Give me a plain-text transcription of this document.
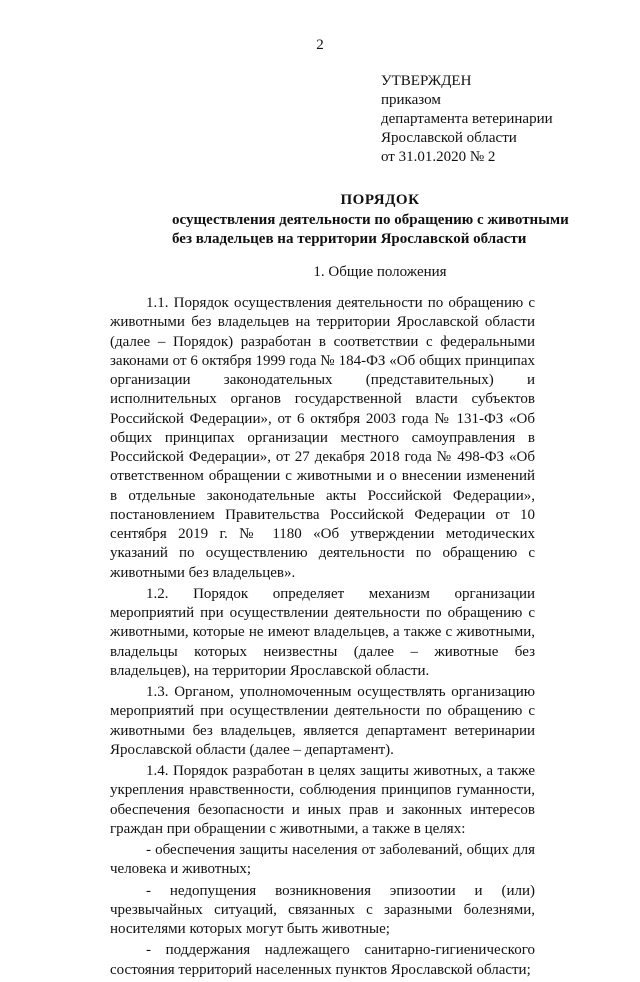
2
УТВЕРЖДЕН
приказом
департамента ветеринарии
Ярославской области
от 31.01.2020 № 2
ПОРЯДОК
осуществления деятельности по обращению с животными
без владельцев на территории Ярославской области
1. Общие положения

1.1. Порядок осуществления деятельности по обращению с животными без владельцев на территории Ярославской области (далее – Порядок) разработан в соответствии с федеральными законами от 6 октября 1999 года № 184-ФЗ «Об общих принципах организации законодательных (представительных) и исполнительных органов государственной власти субъектов Российской Федерации», от 6 октября 2003 года № 131-ФЗ «Об общих принципах организации местного самоуправления в Российской Федерации», от 27 декабря 2018 года № 498-ФЗ «Об ответственном обращении с животными и о внесении изменений в отдельные законодательные акты Российской Федерации», постановлением Правительства Российской Федерации от 10 сентября 2019 г. № 1180 «Об утверждении методических указаний по осуществлению деятельности по обращению с животными без владельцев».

1.2. Порядок определяет механизм организации мероприятий при осуществлении деятельности по обращению с животными, которые не имеют владельцев, а также с животными, владельцы которых неизвестны (далее – животные без владельцев), на территории Ярославской области.

1.3. Органом, уполномоченным осуществлять организацию мероприятий при осуществлении деятельности по обращению с животными без владельцев, является департамент ветеринарии Ярославской области (далее – департамент).

1.4. Порядок разработан в целях защиты животных, а также укрепления нравственности, соблюдения принципов гуманности, обеспечения безопасности и иных прав и законных интересов граждан при обращении с животными, а также в целях:

- обеспечения защиты населения от заболеваний, общих для человека и животных;

- недопущения возникновения эпизоотии и (или) чрезвычайных ситуаций, связанных с заразными болезнями, носителями которых могут быть животные;

- поддержания надлежащего санитарно-гигиенического состояния территорий населенных пунктов Ярославской области;
